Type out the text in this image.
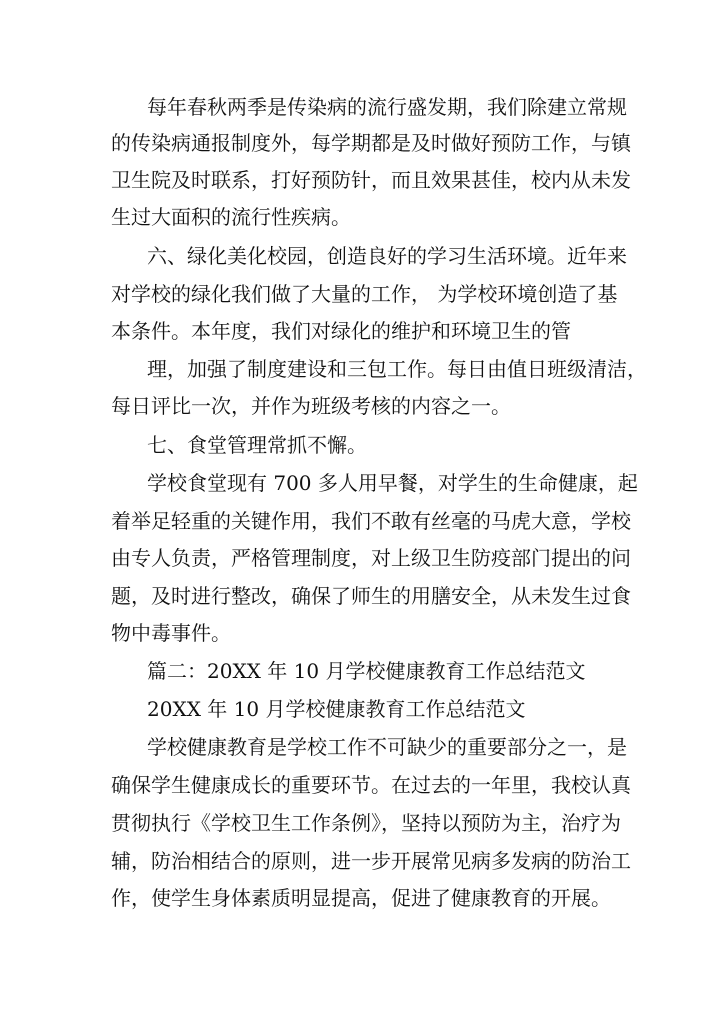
每年春秋两季是传染病的流行盛发期，我们除建立常规
的传染病通报制度外，每学期都是及时做好预防工作，与镇
卫生院及时联系，打好预防针，而且效果甚佳，校内从未发
生过大面积的流行性疾病。
六、绿化美化校园，创造良好的学习生活环境。近年来
对学校的绿化我们做了大量的工作， 为学校环境创造了基
本条件。本年度，我们对绿化的维护和环境卫生的管
理，加强了制度建设和三包工作。每日由值日班级清洁，
每日评比一次，并作为班级考核的内容之一。
七、食堂管理常抓不懈。
学校食堂现有 700 多人用早餐，对学生的生命健康，起
着举足轻重的关键作用，我们不敢有丝毫的马虎大意，学校
由专人负责，严格管理制度，对上级卫生防疫部门提出的问
题，及时进行整改，确保了师生的用膳安全，从未发生过食
物中毒事件。
篇二：20XX 年 10 月学校健康教育工作总结范文
20XX 年 10 月学校健康教育工作总结范文
学校健康教育是学校工作不可缺少的重要部分之一，是
确保学生健康成长的重要环节。在过去的一年里，我校认真
贯彻执行《学校卫生工作条例》，坚持以预防为主，治疗为
辅，防治相结合的原则，进一步开展常见病多发病的防治工
作，使学生身体素质明显提高，促进了健康教育的开展。
